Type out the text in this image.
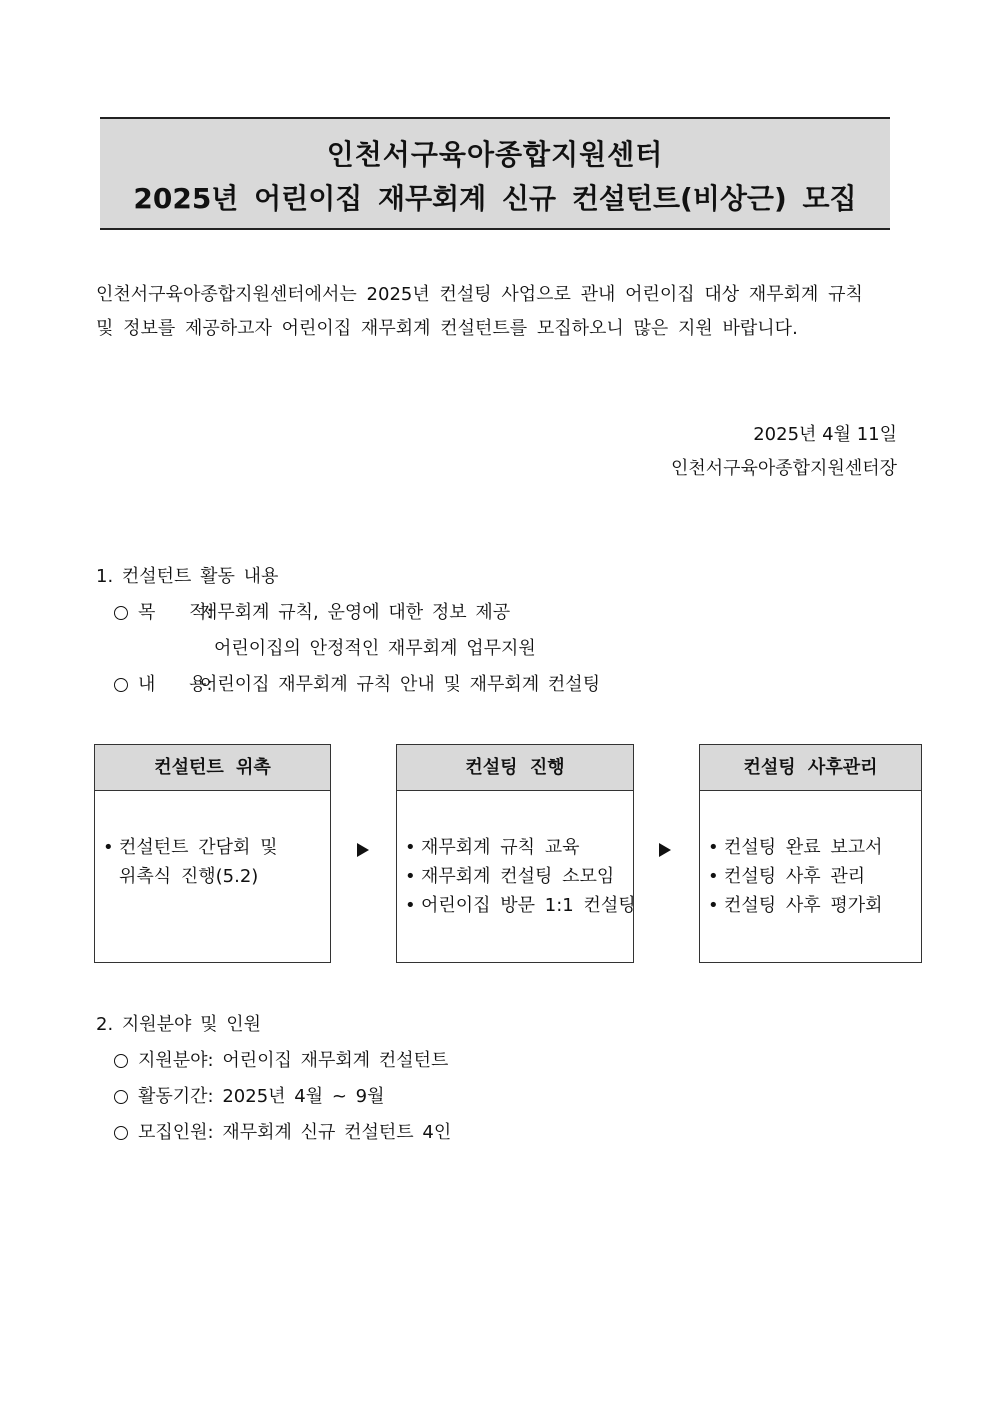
인천서구육아종합지원센터
2025년 어린이집 재무회계 신규 컨설턴트(비상근) 모집
인천서구육아종합지원센터에서는 2025년 컨설팅 사업으로 관내 어린이집 대상 재무회계 규칙
및 정보를 제공하고자 어린이집 재무회계 컨설턴트를 모집하오니 많은 지원 바랍니다.
2025년 4월 11일
인천서구육아종합지원센터장
1. 컨설턴트 활동 내용
목 적:재무회계 규칙, 운영에 대한 정보 제공
어린이집의 안정적인 재무회계 업무지원
내 용:어린이집 재무회계 규칙 안내 및 재무회계 컨설팅
컨설턴트 위촉
• 컨설턴트 간담회 및
위촉식 진행(5.2)
컨설팅 진행
• 재무회계 규칙 교육
• 재무회계 컨설팅 소모임
• 어린이집 방문 1:1 컨설팅
컨설팅 사후관리
• 컨설팅 완료 보고서
• 컨설팅 사후 관리
• 컨설팅 사후 평가회
2. 지원분야 및 인원
지원분야: 어린이집 재무회계 컨설턴트
활동기간: 2025년 4월 ~ 9월
모집인원: 재무회계 신규 컨설턴트 4인
